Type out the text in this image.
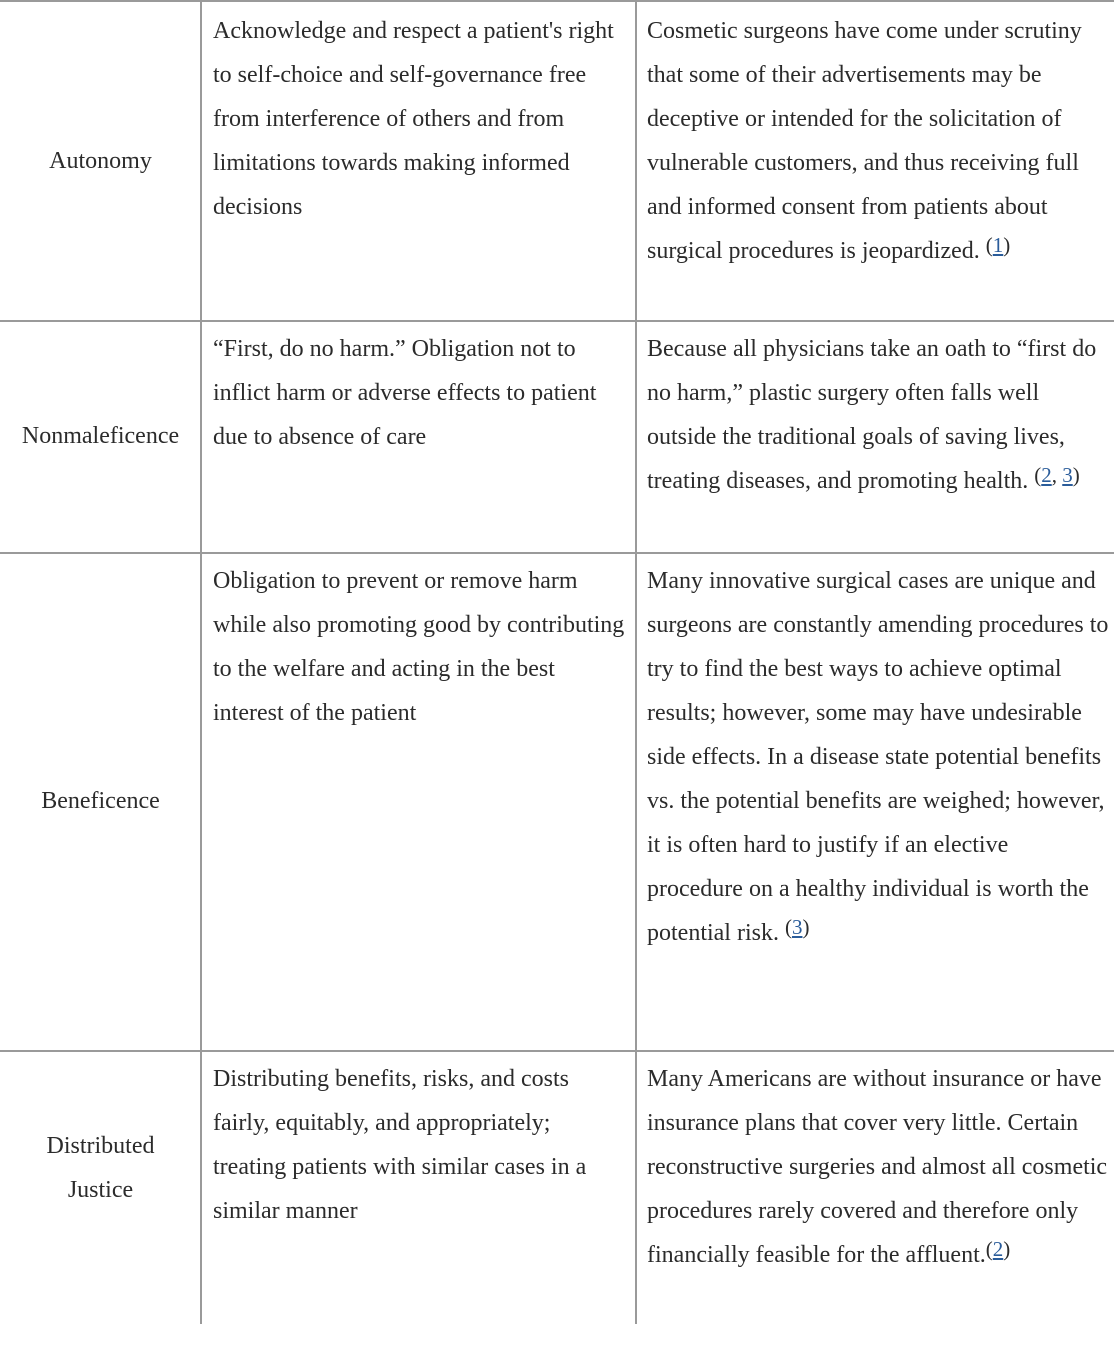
Autonomy
Acknowledge and respect a patient's right to self-choice and self-governance free from interference of others and from limitations towards making informed decisions
Cosmetic surgeons have come under scrutiny that some of their advertisements may be deceptive or intended for the solicitation of vulnerable customers, and thus receiving full and informed consent from patients about surgical procedures is jeopardized. $^{(1)}$
Nonmaleficence
“First, do no harm.” Obligation not to inflict harm or adverse effects to patient due to absence of care
Because all physicians take an oath to “first do no harm,” plastic surgery often falls well outside the traditional goals of saving lives, treating diseases, and promoting health. $^{(2, 3)}$
Beneficence
Obligation to prevent or remove harm while also promoting good by contributing to the welfare and acting in the best interest of the patient
Many innovative surgical cases are unique and surgeons are constantly amending procedures to try to find the best ways to achieve optimal results; however, some may have undesirable side effects. In a disease state potential benefits vs. the potential benefits are weighed; however, it is often hard to justify if an elective procedure on a healthy individual is worth the potential risk. $^{(3)}$
Distributed Justice
Distributing benefits, risks, and costs fairly, equitably, and appropriately; treating patients with similar cases in a similar manner
Many Americans are without insurance or have insurance plans that cover very little. Certain reconstructive surgeries and almost all cosmetic procedures rarely covered and therefore only financially feasible for the affluent.$^{(2)}$
